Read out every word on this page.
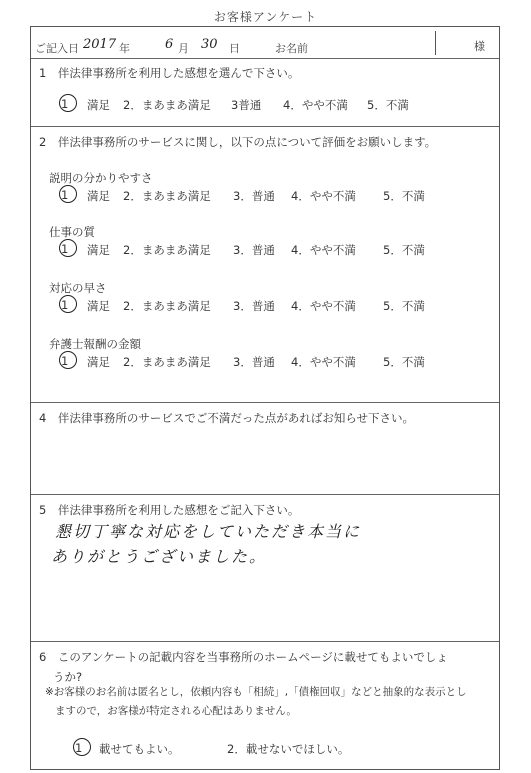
お客様アンケート
ご記入日 2017 年	6 月 30 日	お名前	様
1　伴法律事務所を利用した感想を選んで下さい。
1 満足 2．まあまあ満足 3普通 4．やや不満 5．不満
2　伴法律事務所のサービスに関し，以下の点について評価をお願いします。
説明の分かりやすさ
1 満足 2．まあまあ満足 3．普通 4．やや不満 5．不満
仕事の質
1 満足 2．まあまあ満足 3．普通 4．やや不満 5．不満
対応の早さ
1 満足 2．まあまあ満足 3．普通 4．やや不満 5．不満
弁護士報酬の金額
1 満足 2．まあまあ満足 3．普通 4．やや不満 5．不満
4　伴法律事務所のサービスでご不満だった点があればお知らせ下さい。
5　伴法律事務所を利用した感想をご記入下さい。
懇切丁寧な対応をしていただき本当に
ありがとうございました。
6　このアンケートの記載内容を当事務所のホームページに載せてもよいでしょ
うか?
※お客様のお名前は匿名とし，依頼内容も「相続」,「債権回収」などと抽象的な表示とし
ますので，お客様が特定される心配はありません。
1 載せてもよい。	2．載せないでほしい。
